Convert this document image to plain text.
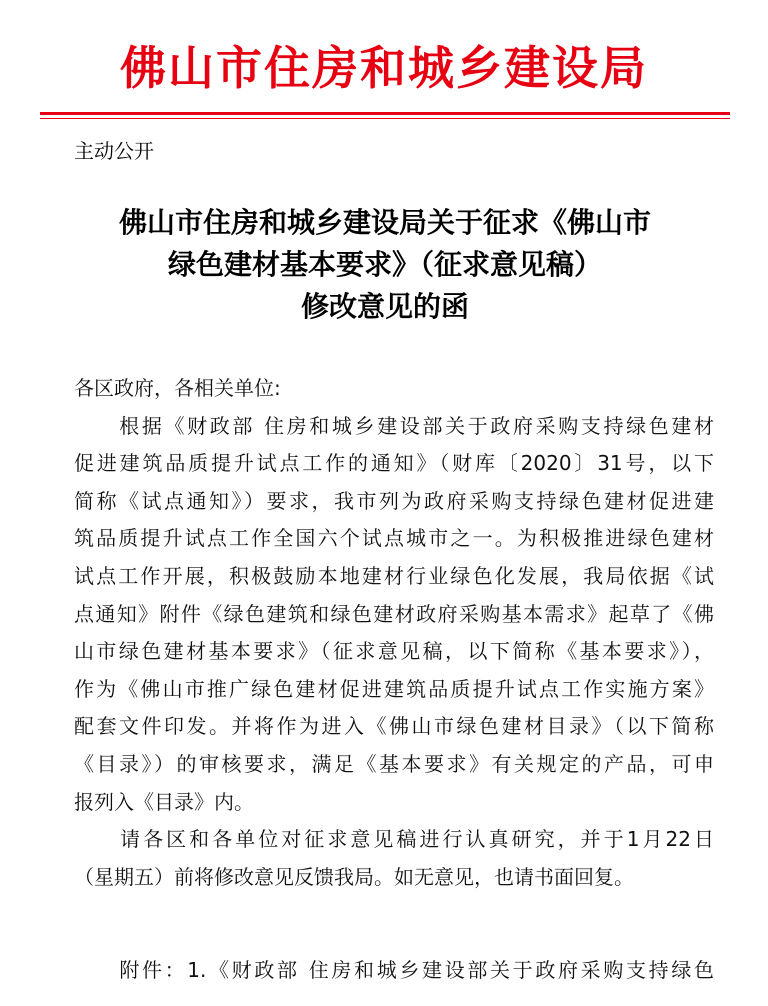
佛山市住房和城乡建设局
主动公开
佛山市住房和城乡建设局关于征求《佛山市
绿色建材基本要求》（征求意见稿）
修改意见的函
各区政府，各相关单位:
　　根据《财政部 住房和城乡建设部关于政府采购支持绿色建材
促进建筑品质提升试点工作的通知》（财库〔2020〕31号，以下
简称《试点通知》）要求，我市列为政府采购支持绿色建材促进建
筑品质提升试点工作全国六个试点城市之一。为积极推进绿色建材
试点工作开展，积极鼓励本地建材行业绿色化发展，我局依据《试
点通知》附件《绿色建筑和绿色建材政府采购基本需求》起草了《佛
山市绿色建材基本要求》（征求意见稿，以下简称《基本要求》），
作为《佛山市推广绿色建材促进建筑品质提升试点工作实施方案》
配套文件印发。并将作为进入《佛山市绿色建材目录》（以下简称
《目录》）的审核要求，满足《基本要求》有关规定的产品，可申
报列入《目录》内。
　　请各区和各单位对征求意见稿进行认真研究，并于1月22日
（星期五）前将修改意见反馈我局。如无意见，也请书面回复。
　　附件：1.《财政部 住房和城乡建设部关于政府采购支持绿色
